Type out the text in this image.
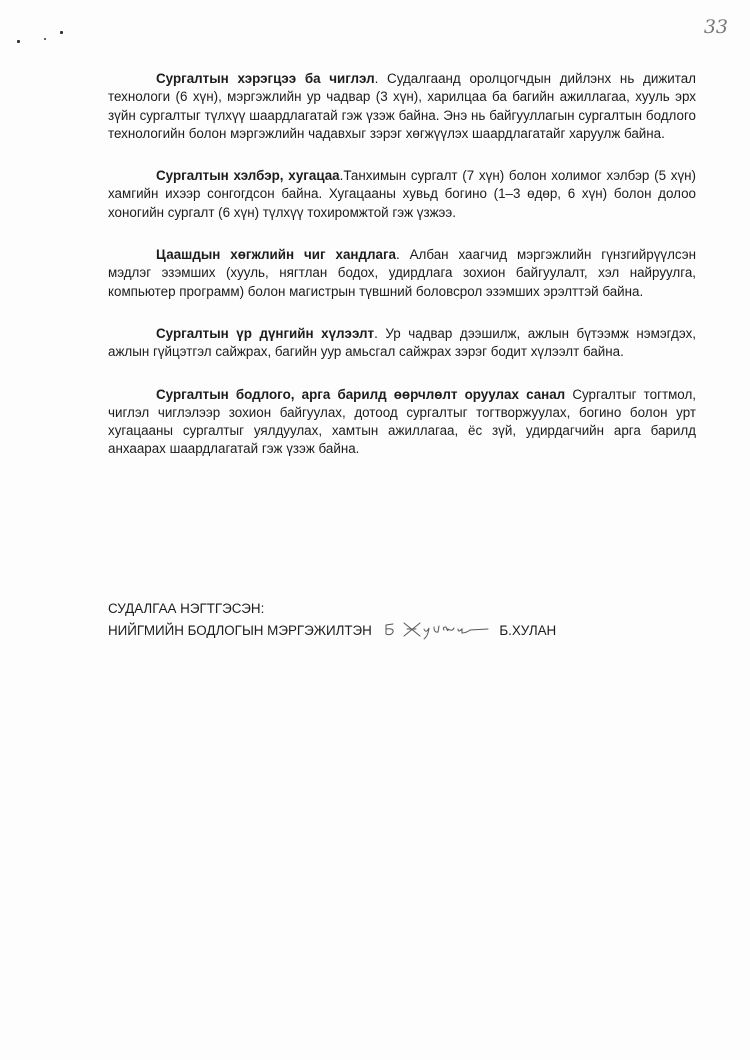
33

Сургалтын хэрэгцээ ба чиглэл. Судалгаанд оролцогчдын дийлэнх нь дижитал технологи (6 хүн), мэргэжлийн ур чадвар (3 хүн), харилцаа ба багийн ажиллагаа, хууль эрх зүйн сургалтыг түлхүү шаардлагатай гэж үзэж байна. Энэ нь байгууллагын сургалтын бодлого технологийн болон мэргэжлийн чадавхыг зэрэг хөгжүүлэх шаардлагатайг харуулж байна.

Сургалтын хэлбэр, хугацаа.Танхимын сургалт (7 хүн) болон холимог хэлбэр (5 хүн) хамгийн ихээр сонгогдсон байна. Хугацааны хувьд богино (1–3 өдөр, 6 хүн) болон долоо хоногийн сургалт (6 хүн) түлхүү тохиромжтой гэж үзжээ.

Цаашдын хөгжлийн чиг хандлага. Албан хаагчид мэргэжлийн гүнзгийрүүлсэн мэдлэг эзэмших (хууль, нягтлан бодох, удирдлага зохион байгуулалт, хэл найруулга, компьютер программ) болон магистрын түвшний боловсрол эзэмших эрэлттэй байна.

Сургалтын үр дүнгийн хүлээлт. Ур чадвар дээшилж, ажлын бүтээмж нэмэгдэх, ажлын гүйцэтгэл сайжрах, багийн уур амьсгал сайжрах зэрэг бодит хүлээлт байна.

Сургалтын бодлого, арга барилд өөрчлөлт оруулах санал Сургалтыг тогтмол, чиглэл чиглэлээр зохион байгуулах, дотоод сургалтыг тогтворжуулах, богино болон урт хугацааны сургалтыг уялдуулах, хамтын ажиллагаа, ёс зүй, удирдагчийн арга барилд анхаарах шаардлагатай гэж үзэж байна.

СУДАЛГАА НЭГТГЭСЭН:
НИЙГМИЙН БОДЛОГЫН МЭРГЭЖИЛТЭН	Б.ХУЛАН
